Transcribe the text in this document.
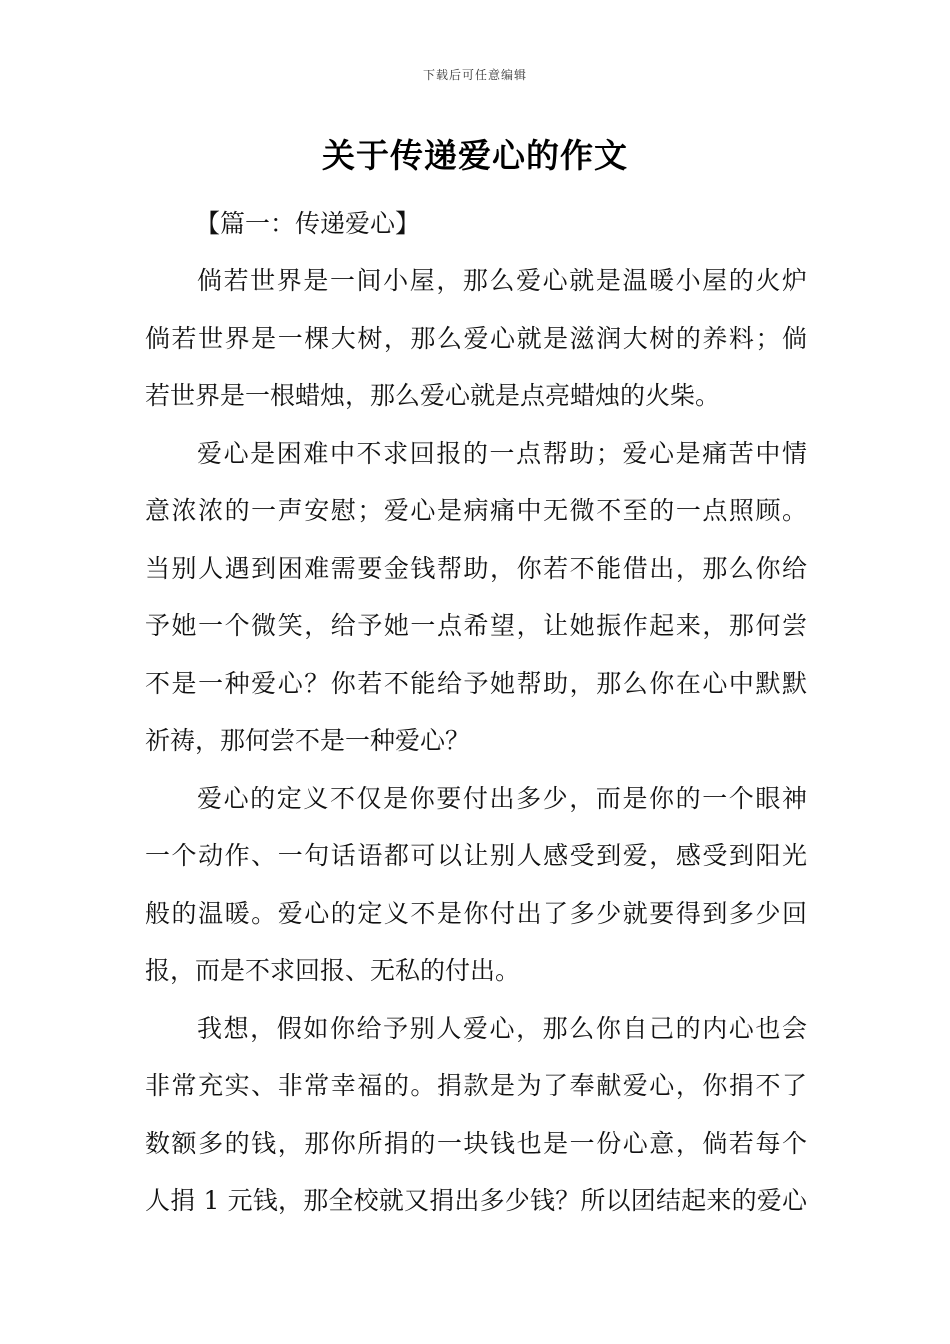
下载后可任意编辑
关于传递爱心的作文

【篇一：传递爱心】

倘若世界是一间小屋，那么爱心就是温暖小屋的火炉
倘若世界是一棵大树，那么爱心就是滋润大树的养料；倘
若世界是一根蜡烛，那么爱心就是点亮蜡烛的火柴。

爱心是困难中不求回报的一点帮助；爱心是痛苦中情
意浓浓的一声安慰；爱心是病痛中无微不至的一点照顾。
当别人遇到困难需要金钱帮助，你若不能借出，那么你给
予她一个微笑，给予她一点希望，让她振作起来，那何尝
不是一种爱心？你若不能给予她帮助，那么你在心中默默
祈祷，那何尝不是一种爱心？

爱心的定义不仅是你要付出多少，而是你的一个眼神
一个动作、一句话语都可以让别人感受到爱，感受到阳光
般的温暖。爱心的定义不是你付出了多少就要得到多少回
报，而是不求回报、无私的付出。

我想，假如你给予别人爱心，那么你自己的内心也会
非常充实、非常幸福的。捐款是为了奉献爱心，你捐不了
数额多的钱，那你所捐的一块钱也是一份心意，倘若每个
人捐 1 元钱，那全校就又捐出多少钱？所以团结起来的爱心
